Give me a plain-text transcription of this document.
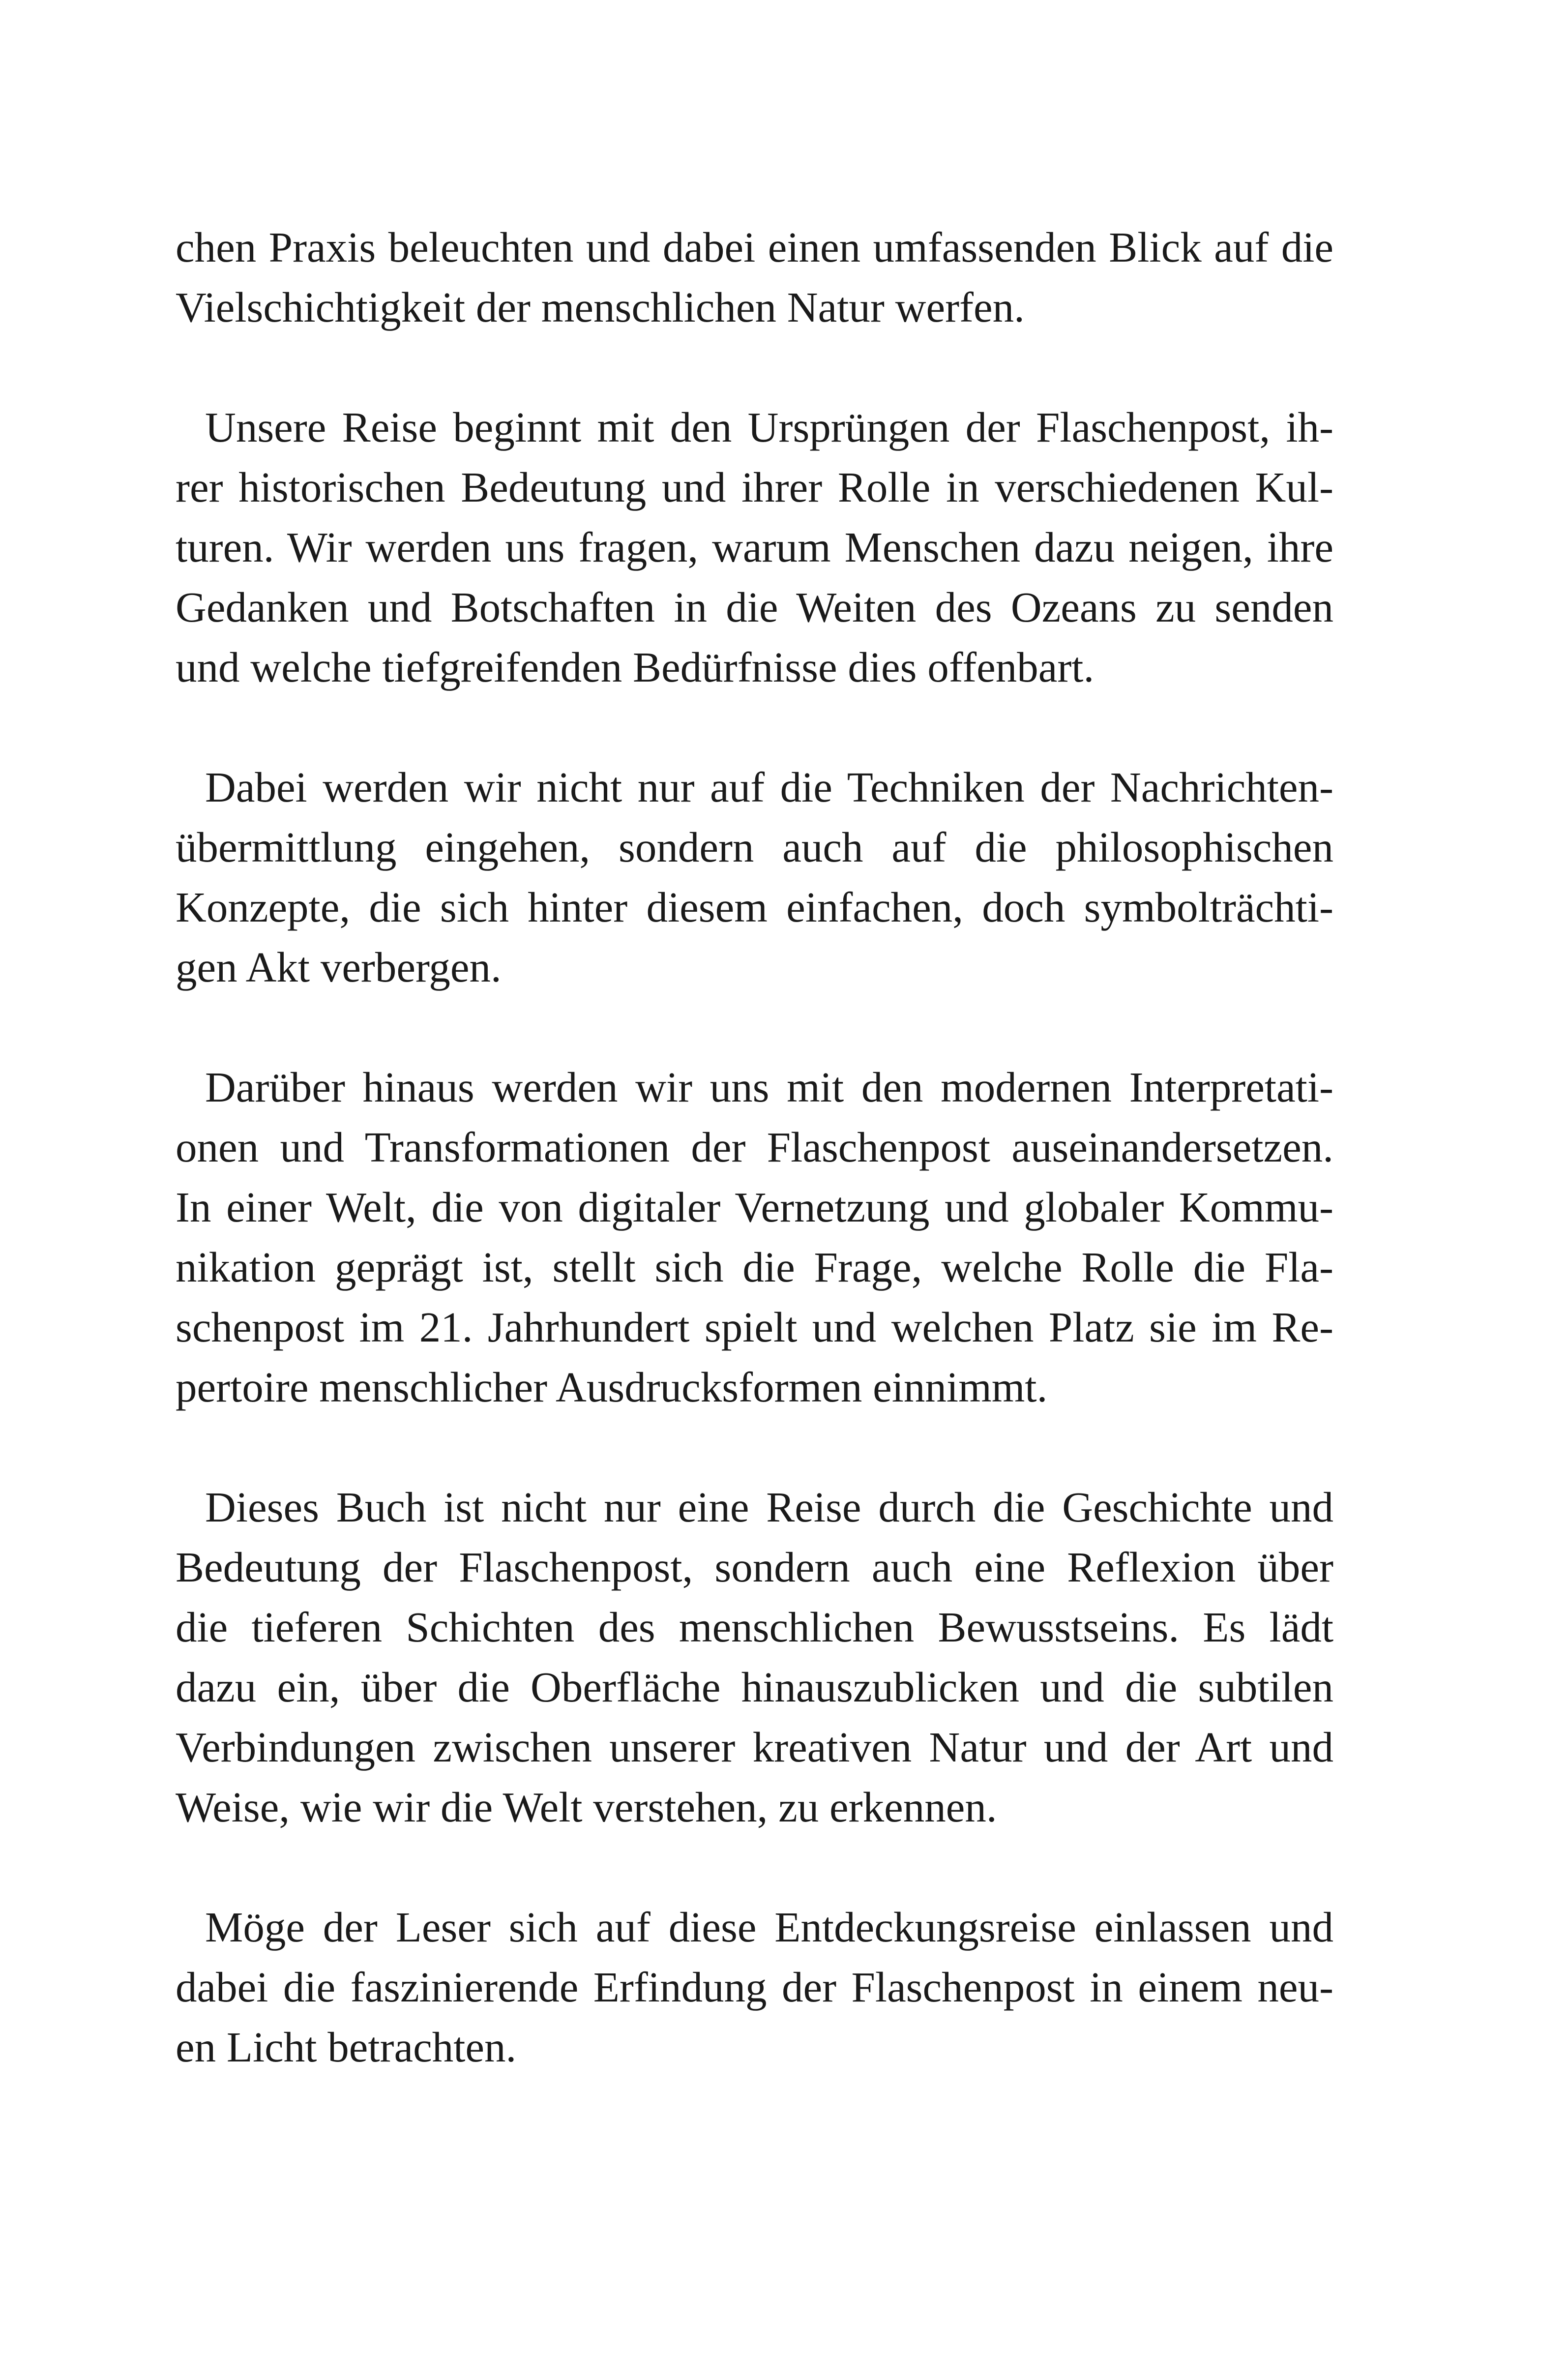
chen Praxis beleuchten und dabei einen umfassenden Blick auf die
Vielschichtigkeit der menschlichen Natur werfen.
Unsere Reise beginnt mit den Ursprüngen der Flaschenpost, ih-
rer historischen Bedeutung und ihrer Rolle in verschiedenen Kul-
turen. Wir werden uns fragen, warum Menschen dazu neigen, ihre
Gedanken und Botschaften in die Weiten des Ozeans zu senden
und welche tiefgreifenden Bedürfnisse dies offenbart.
Dabei werden wir nicht nur auf die Techniken der Nachrichten-
übermittlung eingehen, sondern auch auf die philosophischen
Konzepte, die sich hinter diesem einfachen, doch symbolträchti-
gen Akt verbergen.
Darüber hinaus werden wir uns mit den modernen Interpretati-
onen und Transformationen der Flaschenpost auseinandersetzen.
In einer Welt, die von digitaler Vernetzung und globaler Kommu-
nikation geprägt ist, stellt sich die Frage, welche Rolle die Fla-
schenpost im 21. Jahrhundert spielt und welchen Platz sie im Re-
pertoire menschlicher Ausdrucksformen einnimmt.
Dieses Buch ist nicht nur eine Reise durch die Geschichte und
Bedeutung der Flaschenpost, sondern auch eine Reflexion über
die tieferen Schichten des menschlichen Bewusstseins. Es lädt
dazu ein, über die Oberfläche hinauszublicken und die subtilen
Verbindungen zwischen unserer kreativen Natur und der Art und
Weise, wie wir die Welt verstehen, zu erkennen.
Möge der Leser sich auf diese Entdeckungsreise einlassen und
dabei die faszinierende Erfindung der Flaschenpost in einem neu-
en Licht betrachten.
